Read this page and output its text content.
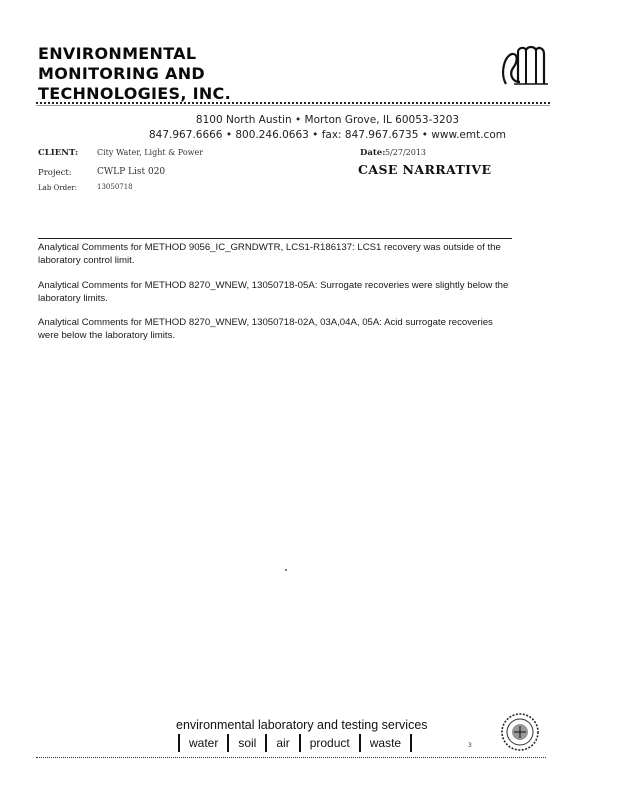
ENVIRONMENTAL
MONITORING AND
TECHNOLOGIES, INC.
8100 North Austin • Morton Grove, IL 60053-3203
847.967.6666 • 800.246.0663 • fax: 847.967.6735 • www.emt.com
CLIENT: City Water, Light & Power	Date: 5/27/2013
Project:	CWLP List 020	CASE NARRATIVE
Lab Order:	13050718
Analytical Comments for METHOD 9056_IC_GRNDWTR, LCS1-R186137: LCS1 recovery was outside of the laboratory control limit.
Analytical Comments for METHOD 8270_WNEW, 13050718-05A: Surrogate recoveries were slightly below the laboratory limits.
Analytical Comments for METHOD 8270_WNEW, 13050718-02A, 03A,04A, 05A: Acid surrogate recoveries were below the laboratory limits.
environmental laboratory and testing services
water soil air product waste	3
